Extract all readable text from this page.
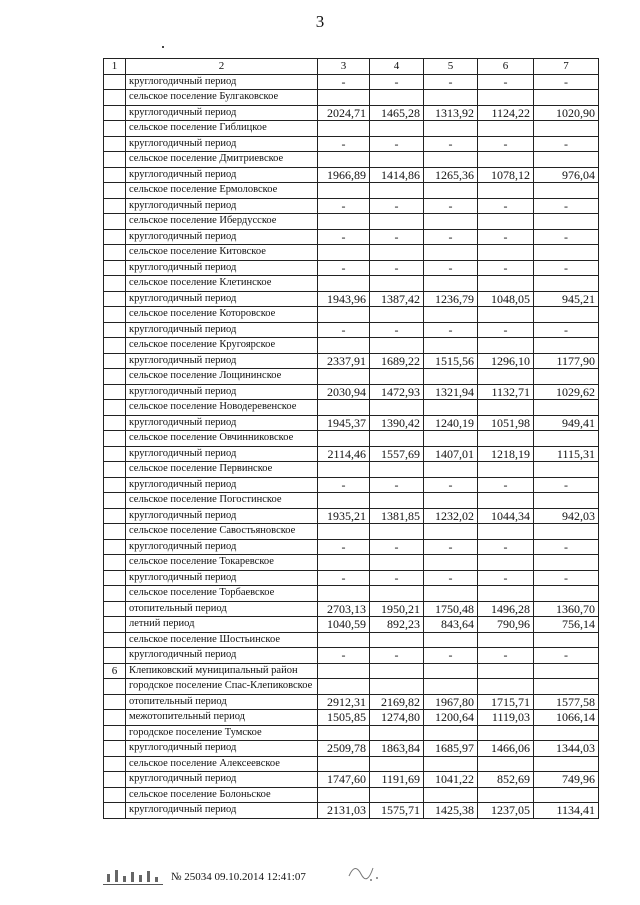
3
1	2	3	4	5	6	7
	круглогодичный период	-	-	-	-	-
	сельское поселение Булгаковское					
	круглогодичный период	2024,71	1465,28	1313,92	1124,22	1020,90
	сельское поселение Гиблицкое					
	круглогодичный период	-	-	-	-	-
	сельское поселение Дмитриевское					
	круглогодичный период	1966,89	1414,86	1265,36	1078,12	976,04
	сельское поселение Ермоловское					
	круглогодичный период	-	-	-	-	-
	сельское поселение Ибердусское					
	круглогодичный период	-	-	-	-	-
	сельское поселение Китовское					
	круглогодичный период	-	-	-	-	-
	сельское поселение Клетинское					
	круглогодичный период	1943,96	1387,42	1236,79	1048,05	945,21
	сельское поселение Которовское					
	круглогодичный период	-	-	-	-	-
	сельское поселение Кругоярское					
	круглогодичный период	2337,91	1689,22	1515,56	1296,10	1177,90
	сельское поселение Лощининское					
	круглогодичный период	2030,94	1472,93	1321,94	1132,71	1029,62
	сельское поселение Новодеревенское					
	круглогодичный период	1945,37	1390,42	1240,19	1051,98	949,41
	сельское поселение Овчинниковское					
	круглогодичный период	2114,46	1557,69	1407,01	1218,19	1115,31
	сельское поселение Первинское					
	круглогодичный период	-	-	-	-	-
	сельское поселение Погостинское					
	круглогодичный период	1935,21	1381,85	1232,02	1044,34	942,03
	сельское поселение Савостьяновское					
	круглогодичный период	-	-	-	-	-
	сельское поселение Токаревское					
	круглогодичный период	-	-	-	-	-
	сельское поселение Торбаевское					
	отопительный период	2703,13	1950,21	1750,48	1496,28	1360,70
	летний период	1040,59	892,23	843,64	790,96	756,14
	сельское поселение Шостьинское					
	круглогодичный период	-	-	-	-	-
6	Клепиковский муниципальный район					
	городское поселение Спас-Клепиковское					
	отопительный период	2912,31	2169,82	1967,80	1715,71	1577,58
	межотопительный период	1505,85	1274,80	1200,64	1119,03	1066,14
	городское поселение Тумское					
	круглогодичный период	2509,78	1863,84	1685,97	1466,06	1344,03
	сельское поселение Алексеевское					
	круглогодичный период	1747,60	1191,69	1041,22	852,69	749,96
	сельское поселение Болоньское					
	круглогодичный период	2131,03	1575,71	1425,38	1237,05	1134,41
№ 25034 09.10.2014 12:41:07
